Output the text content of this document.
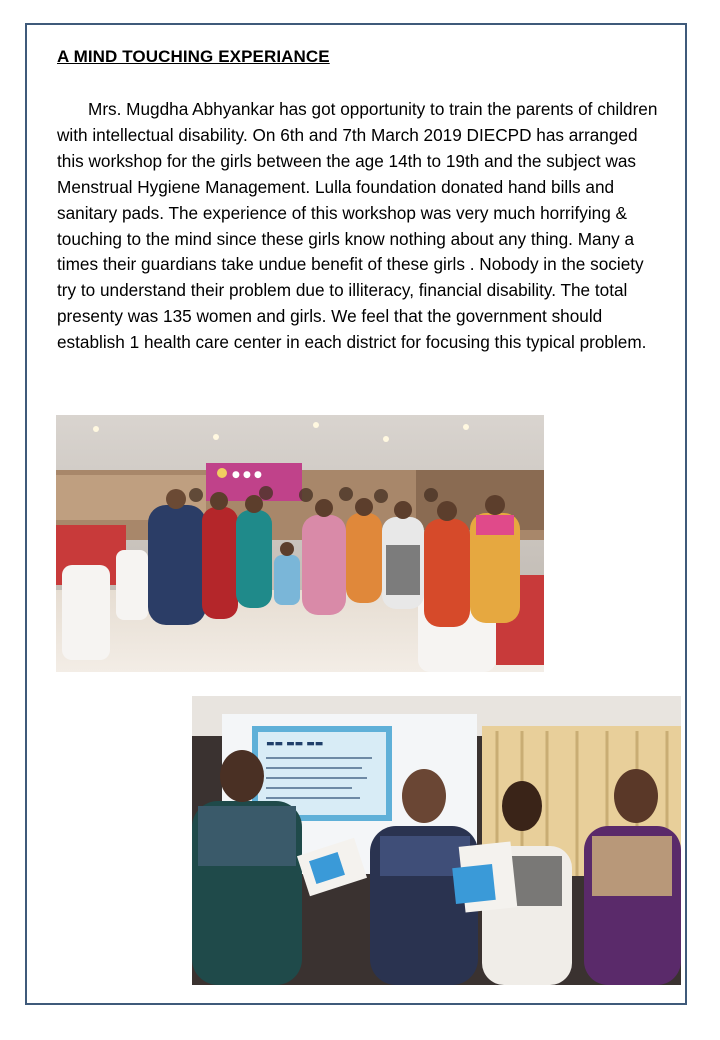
A MIND TOUCHING EXPERIANCE

Mrs. Mugdha Abhyankar has got opportunity to train the parents of children with intellectual disability. On 6th and 7th March 2019 DIECPD has arranged this workshop for the girls between the age 14th to 19th and the subject was Menstrual Hygiene Management. Lulla foundation donated hand bills and sanitary pads. The experience of this workshop was very much horrifying & touching to the mind since these girls know nothing about any thing. Many a times their guardians take undue benefit of these girls . Nobody in the society try to understand their problem due to illiteracy, financial disability. The total presenty was 135 women and girls. We feel that the government should establish 1 health care center in each district for focusing this typical problem.

● ● ●
▬▬ ▬▬ ▬▬
